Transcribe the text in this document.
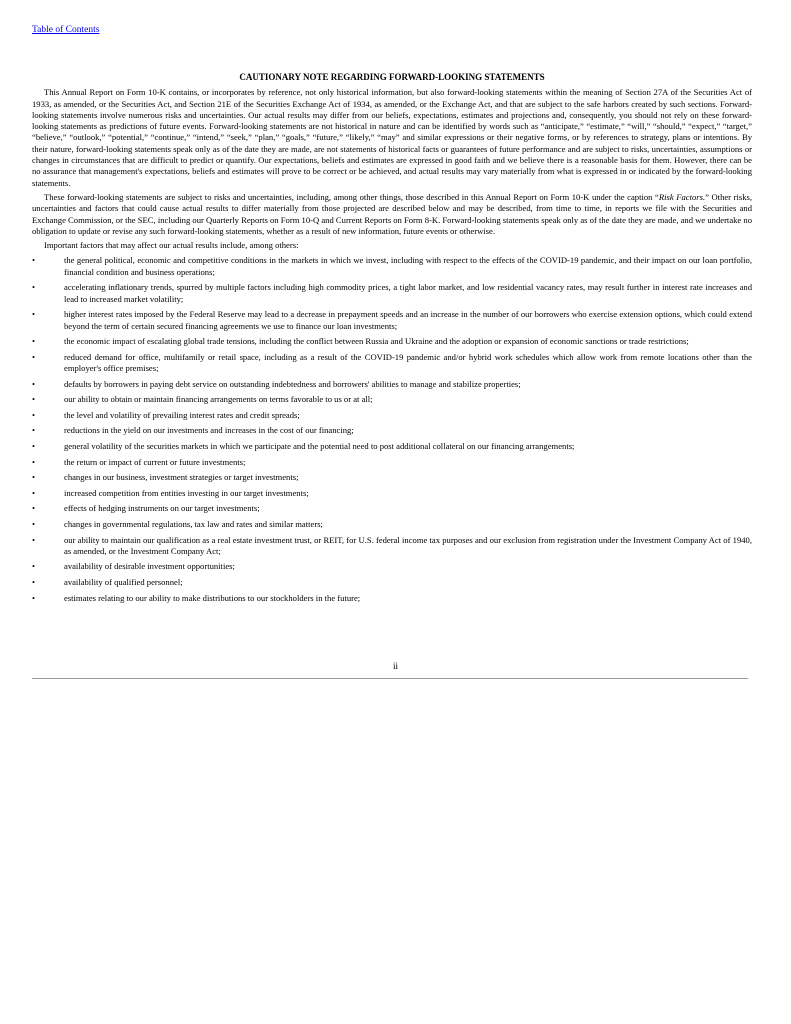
Table of Contents
CAUTIONARY NOTE REGARDING FORWARD-LOOKING STATEMENTS

This Annual Report on Form 10-K contains, or incorporates by reference, not only historical information, but also forward-looking statements within the meaning of Section 27A of the Securities Act of 1933, as amended, or the Securities Act, and Section 21E of the Securities Exchange Act of 1934, as amended, or the Exchange Act, and that are subject to the safe harbors created by such sections. Forward-looking statements involve numerous risks and uncertainties. Our actual results may differ from our beliefs, expectations, estimates and projections and, consequently, you should not rely on these forward-looking statements as predictions of future events. Forward-looking statements are not historical in nature and can be identified by words such as “anticipate,” “estimate,” “will,” “should,” “expect,” “target,” “believe,” “outlook,” “potential,” “continue,” “intend,” “seek,” “plan,” “goals,” “future,” “likely,” “may” and similar expressions or their negative forms, or by references to strategy, plans or intentions. By their nature, forward-looking statements speak only as of the date they are made, are not statements of historical facts or guarantees of future performance and are subject to risks, uncertainties, assumptions or changes in circumstances that are difficult to predict or quantify. Our expectations, beliefs and estimates are expressed in good faith and we believe there is a reasonable basis for them. However, there can be no assurance that management's expectations, beliefs and estimates will prove to be correct or be achieved, and actual results may vary materially from what is expressed in or indicated by the forward-looking statements.

These forward-looking statements are subject to risks and uncertainties, including, among other things, those described in this Annual Report on Form 10-K under the caption “Risk Factors.” Other risks, uncertainties and factors that could cause actual results to differ materially from those projected are described below and may be described, from time to time, in reports we file with the Securities and Exchange Commission, or the SEC, including our Quarterly Reports on Form 10-Q and Current Reports on Form 8-K. Forward-looking statements speak only as of the date they are made, and we undertake no obligation to update or revise any such forward-looking statements, whether as a result of new information, future events or otherwise.

Important factors that may affect our actual results include, among others:

•	the general political, economic and competitive conditions in the markets in which we invest, including with respect to the effects of the COVID-19 pandemic, and their impact on our loan portfolio, financial condition and business operations;
•	accelerating inflationary trends, spurred by multiple factors including high commodity prices, a tight labor market, and low residential vacancy rates, may result further in interest rate increases and lead to increased market volatility;
•	higher interest rates imposed by the Federal Reserve may lead to a decrease in prepayment speeds and an increase in the number of our borrowers who exercise extension options, which could extend beyond the term of certain secured financing agreements we use to finance our loan investments;
•	the economic impact of escalating global trade tensions, including the conflict between Russia and Ukraine and the adoption or expansion of economic sanctions or trade restrictions;
•	reduced demand for office, multifamily or retail space, including as a result of the COVID-19 pandemic and/or hybrid work schedules which allow work from remote locations other than the employer's office premises;
•	defaults by borrowers in paying debt service on outstanding indebtedness and borrowers' abilities to manage and stabilize properties;
•	our ability to obtain or maintain financing arrangements on terms favorable to us or at all;
•	the level and volatility of prevailing interest rates and credit spreads;
•	reductions in the yield on our investments and increases in the cost of our financing;
•	general volatility of the securities markets in which we participate and the potential need to post additional collateral on our financing arrangements;
•	the return or impact of current or future investments;
•	changes in our business, investment strategies or target investments;
•	increased competition from entities investing in our target investments;
•	effects of hedging instruments on our target investments;
•	changes in governmental regulations, tax law and rates and similar matters;
•	our ability to maintain our qualification as a real estate investment trust, or REIT, for U.S. federal income tax purposes and our exclusion from registration under the Investment Company Act of 1940, as amended, or the Investment Company Act;
•	availability of desirable investment opportunities;
•	availability of qualified personnel;
•	estimates relating to our ability to make distributions to our stockholders in the future;
ii
